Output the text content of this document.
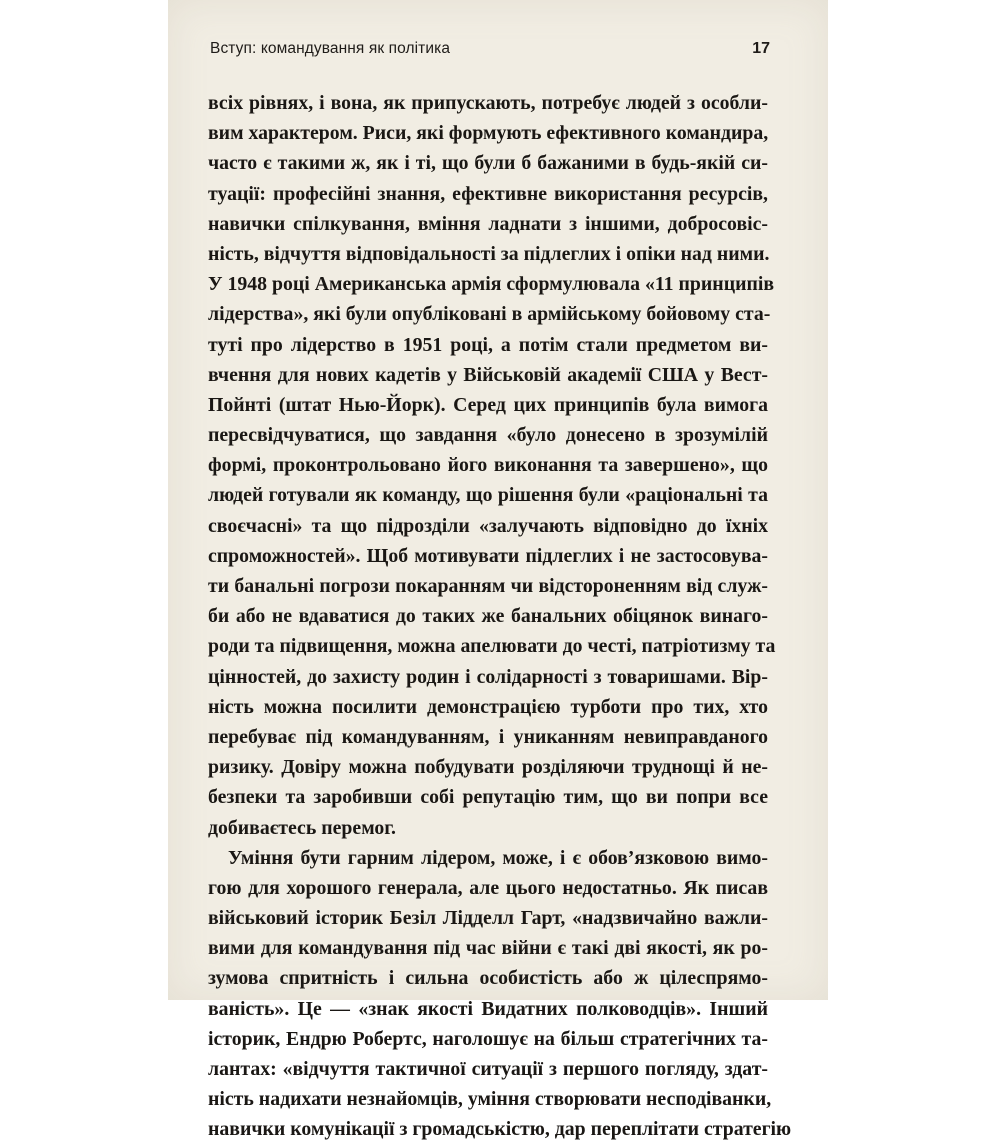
Вступ: командування як політика	17
всіх рівнях, і вона, як припускають, потребує людей з особли-
вим характером. Риси, які формують ефективного командира,
часто є такими ж, як і ті, що були б бажаними в будь-якій си-
туації: професійні знання, ефективне використання ресурсів,
навички спілкування, вміння ладнати з іншими, добросовіс-
ність, відчуття відповідальності за підлеглих і опіки над ними.
У 1948 році Американська армія сформулювала «11 принципів
лідерства», які були опубліковані в армійському бойовому ста-
туті про лідерство в 1951 році, а потім стали предметом ви-
вчення для нових кадетів у Військовій академії США у Вест-
Пойнті (штат Нью-Йорк). Серед цих принципів була вимога
пересвідчуватися, що завдання «було донесено в зрозумілій
формі, проконтрольовано його виконання та завершено», що
людей готували як команду, що рішення були «раціональні та
своєчасні» та що підрозділи «залучають відповідно до їхніх
спроможностей». Щоб мотивувати підлеглих і не застосовува-
ти банальні погрози покаранням чи відстороненням від служ-
би або не вдаватися до таких же банальних обіцянок винаго-
роди та підвищення, можна апелювати до честі, патріотизму та
цінностей, до захисту родин і солідарності з товаришами. Вір-
ність можна посилити демонстрацією турботи про тих, хто
перебуває під командуванням, і униканням невиправданого
ризику. Довіру можна побудувати розділяючи труднощі й не-
безпеки та заробивши собі репутацію тим, що ви попри все
добиваєтесь перемог.
Уміння бути гарним лідером, може, і є обов’язковою вимо-
гою для хорошого генерала, але цього недостатньо. Як писав
військовий історик Безіл Лідделл Гарт, «надзвичайно важли-
вими для командування під час війни є такі дві якості, як ро-
зумова спритність і сильна особистість або ж цілеспрямо-
ваність». Це — «знак якості Видатних полководців». Інший
історик, Ендрю Робертс, наголошує на більш стратегічних та-
лантах: «відчуття тактичної ситуації з першого погляду, здат-
ність надихати незнайомців, уміння створювати несподіванки,
навички комунікації з громадськістю, дар переплітати стратегію
